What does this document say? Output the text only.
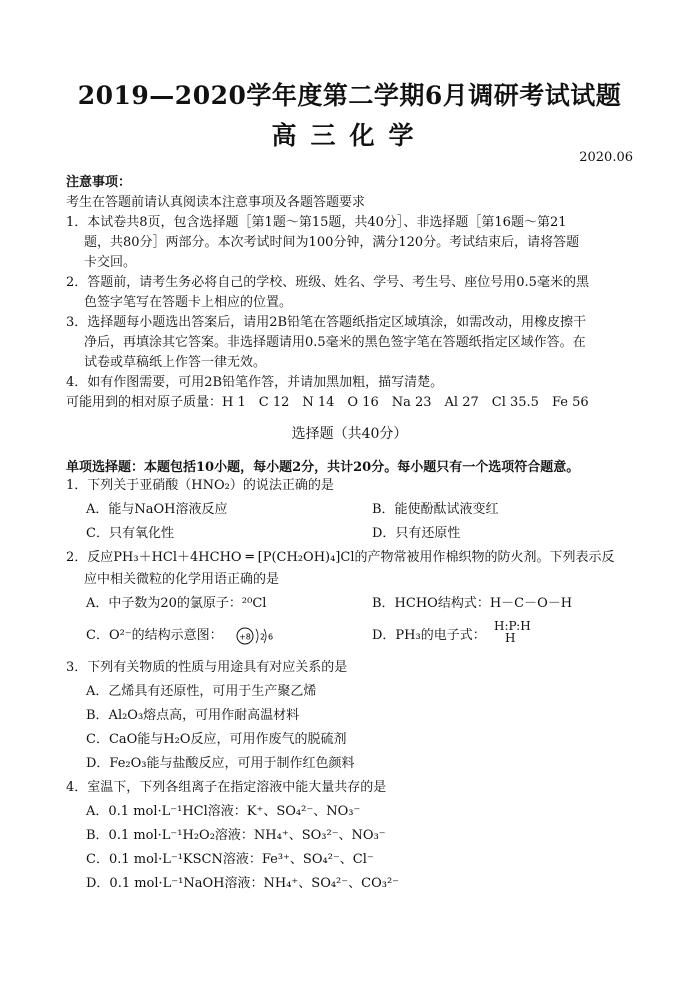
2019—2020学年度第二学期6月调研考试试题
高三化学
2020.06
注意事项：
考生在答题前请认真阅读本注意事项及各题答题要求
1．本试卷共8页，包含选择题［第1题～第15题，共40分］、非选择题［第16题～第21
题，共80分］两部分。本次考试时间为100分钟，满分120分。考试结束后，请将答题
卡交回。
2．答题前，请考生务必将自己的学校、班级、姓名、学号、考生号、座位号用0.5毫米的黑
色签字笔写在答题卡上相应的位置。
3．选择题每小题选出答案后，请用2B铅笔在答题纸指定区域填涂，如需改动，用橡皮擦干
净后，再填涂其它答案。非选择题请用0.5毫米的黑色签字笔在答题纸指定区域作答。在
试卷或草稿纸上作答一律无效。
4．如有作图需要，可用2B铅笔作答，并请加黑加粗，描写清楚。
可能用到的相对原子质量：H 1　C 12　N 14　O 16　Na 23　Al 27　Cl 35.5　Fe 56
选择题（共40分）
单项选择题：本题包括10小题，每小题2分，共计20分。每小题只有一个选项符合题意。
1．下列关于亚硝酸（HNO₂）的说法正确的是
A．能与NaOH溶液反应	B．能使酚酞试液变红
C．只有氧化性	D．只有还原性
2．反应PH₃＋HCl＋4HCHO ═ [P(CH₂OH)₄]Cl的产物常被用作棉织物的防火剂。下列表示反
应中相关微粒的化学用语正确的是
A．中子数为20的氯原子：²⁰Cl	B．HCHO结构式：H－C－O－H
C．O²⁻的结构示意图： +8 2 6	D．PH₃的电子式：
H:P:H
H
3．下列有关物质的性质与用途具有对应关系的是
A．乙烯具有还原性，可用于生产聚乙烯
B．Al₂O₃熔点高，可用作耐高温材料
C．CaO能与H₂O反应，可用作废气的脱硫剂
D．Fe₂O₃能与盐酸反应，可用于制作红色颜料
4．室温下，下列各组离子在指定溶液中能大量共存的是
A．0.1 mol·L⁻¹HCl溶液：K⁺、SO₄²⁻、NO₃⁻
B．0.1 mol·L⁻¹H₂O₂溶液：NH₄⁺、SO₃²⁻、NO₃⁻
C．0.1 mol·L⁻¹KSCN溶液：Fe³⁺、SO₄²⁻、Cl⁻
D．0.1 mol·L⁻¹NaOH溶液：NH₄⁺、SO₄²⁻、CO₃²⁻
